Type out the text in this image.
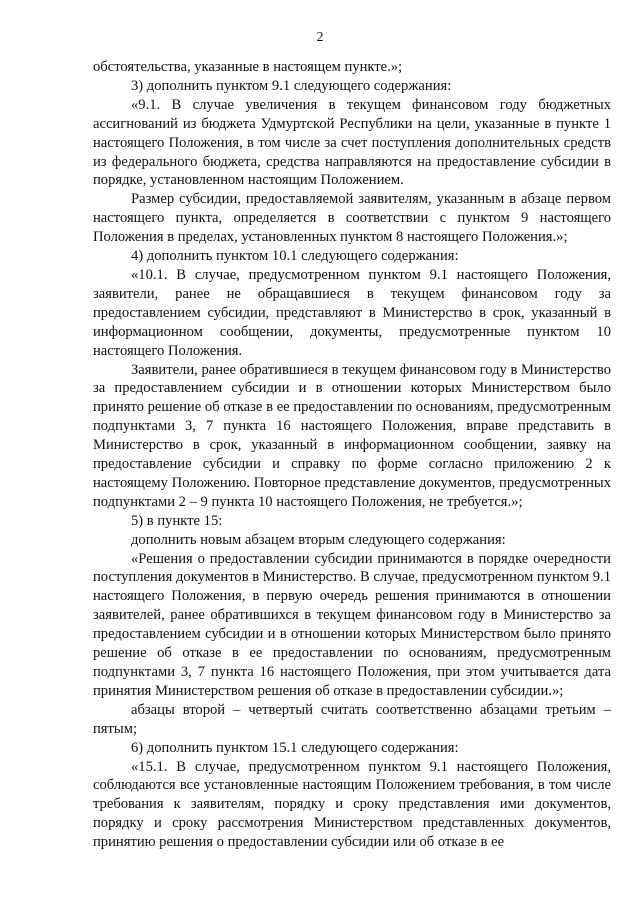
2

обстоятельства, указанные в настоящем пункте.»;

3) дополнить пунктом 9.1 следующего содержания:

«9.1. В случае увеличения в текущем финансовом году бюджетных ассигнований из бюджета Удмуртской Республики на цели, указанные в пункте 1 настоящего Положения, в том числе за счет поступления дополнительных средств из федерального бюджета, средства направляются на предоставление субсидии в порядке, установленном настоящим Положением.

Размер субсидии, предоставляемой заявителям, указанным в абзаце первом настоящего пункта, определяется в соответствии с пунктом 9 настоящего Положения в пределах, установленных пунктом 8 настоящего Положения.»;

4) дополнить пунктом 10.1 следующего содержания:

«10.1. В случае, предусмотренном пунктом 9.1 настоящего Положения, заявители, ранее не обращавшиеся в текущем финансовом году за предоставлением субсидии, представляют в Министерство в срок, указанный в информационном сообщении, документы, предусмотренные пунктом 10 настоящего Положения.

Заявители, ранее обратившиеся в текущем финансовом году в Министерство за предоставлением субсидии и в отношении которых Министерством было принято решение об отказе в ее предоставлении по основаниям, предусмотренным подпунктами 3, 7 пункта 16 настоящего Положения, вправе представить в Министерство в срок, указанный в информационном сообщении, заявку на предоставление субсидии и справку по форме согласно приложению 2 к настоящему Положению. Повторное представление документов, предусмотренных подпунктами 2 – 9 пункта 10 настоящего Положения, не требуется.»;

5) в пункте 15:

дополнить новым абзацем вторым следующего содержания:

«Решения о предоставлении субсидии принимаются в порядке очередности поступления документов в Министерство. В случае, предусмотренном пунктом 9.1 настоящего Положения, в первую очередь решения принимаются в отношении заявителей, ранее обратившихся в текущем финансовом году в Министерство за предоставлением субсидии и в отношении которых Министерством было принято решение об отказе в ее предоставлении по основаниям, предусмотренным подпунктами 3, 7 пункта 16 настоящего Положения, при этом учитывается дата принятия Министерством решения об отказе в предоставлении субсидии.»;

абзацы второй – четвертый считать соответственно абзацами третьим – пятым;

6) дополнить пунктом 15.1 следующего содержания:

«15.1. В случае, предусмотренном пунктом 9.1 настоящего Положения, соблюдаются все установленные настоящим Положением требования, в том числе требования к заявителям, порядку и сроку представления ими документов, порядку и сроку рассмотрения Министерством представленных документов, принятию решения о предоставлении субсидии или об отказе в ее
